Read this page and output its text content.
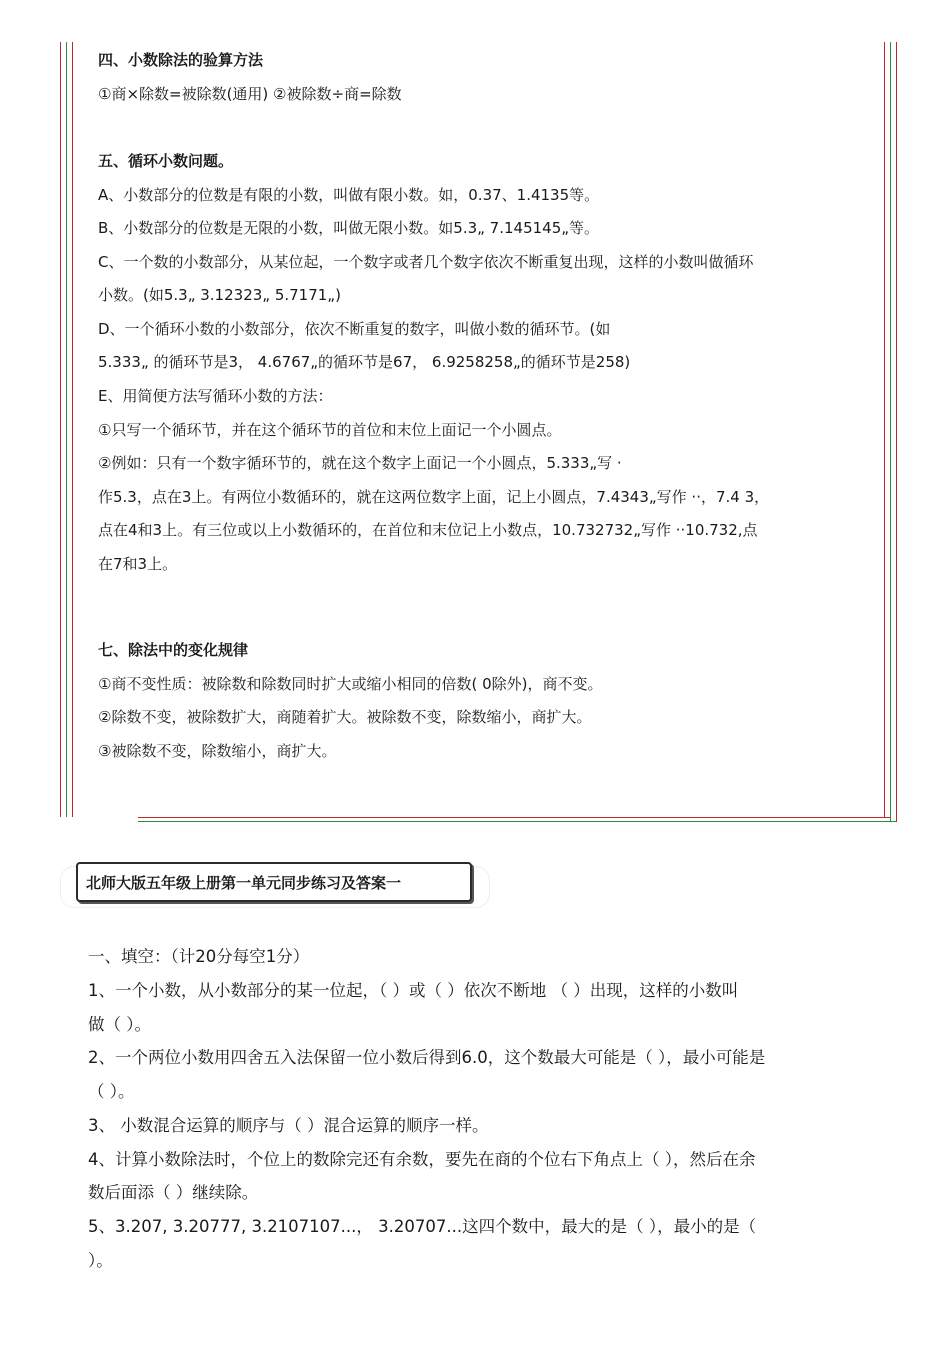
四、小数除法的验算方法
①商×除数=被除数(通用) ②被除数÷商=除数
五、循环小数问题。
A、小数部分的位数是有限的小数，叫做有限小数。如，0.37、1.4135等。
B、小数部分的位数是无限的小数，叫做无限小数。如5.3„ 7.145145„等。
C、一个数的小数部分，从某位起，一个数字或者几个数字依次不断重复出现，这样的小数叫做循环
小数。(如5.3„ 3.12323„ 5.7171„)
D、一个循环小数的小数部分，依次不断重复的数字，叫做小数的循环节。(如
5.333„ 的循环节是3， 4.6767„的循环节是67， 6.9258258„的循环节是258)
E、用简便方法写循环小数的方法：
①只写一个循环节，并在这个循环节的首位和末位上面记一个小圆点。
②例如：只有一个数字循环节的，就在这个数字上面记一个小圆点，5.333„写 ·
作5.3，点在3上。有两位小数循环的，就在这两位数字上面，记上小圆点，7.4343„写作 ··，7.4 3，
点在4和3上。有三位或以上小数循环的，在首位和末位记上小数点，10.732732„写作 ··10.732,点
在7和3上。
七、除法中的变化规律
①商不变性质：被除数和除数同时扩大或缩小相同的倍数( 0除外)，商不变。
②除数不变，被除数扩大，商随着扩大。被除数不变，除数缩小，商扩大。
③被除数不变，除数缩小，商扩大。
北师大版五年级上册第一单元同步练习及答案一
一、填空：（计20分每空1分）
1、一个小数，从小数部分的某一位起，（ ）或（ ）依次不断地 （ ）出现，这样的小数叫
做（ ）。
2、一个两位小数用四舍五入法保留一位小数后得到6.0，这个数最大可能是（ ），最小可能是
（ ）。
3、 小数混合运算的顺序与（ ）混合运算的顺序一样。
4、计算小数除法时，个位上的数除完还有余数，要先在商的个位右下角点上（ ），然后在余
数后面添（ ）继续除。
5、3.207, 3.20777, 3.2107107...， 3.20707...这四个数中，最大的是（ ），最小的是（
）。
